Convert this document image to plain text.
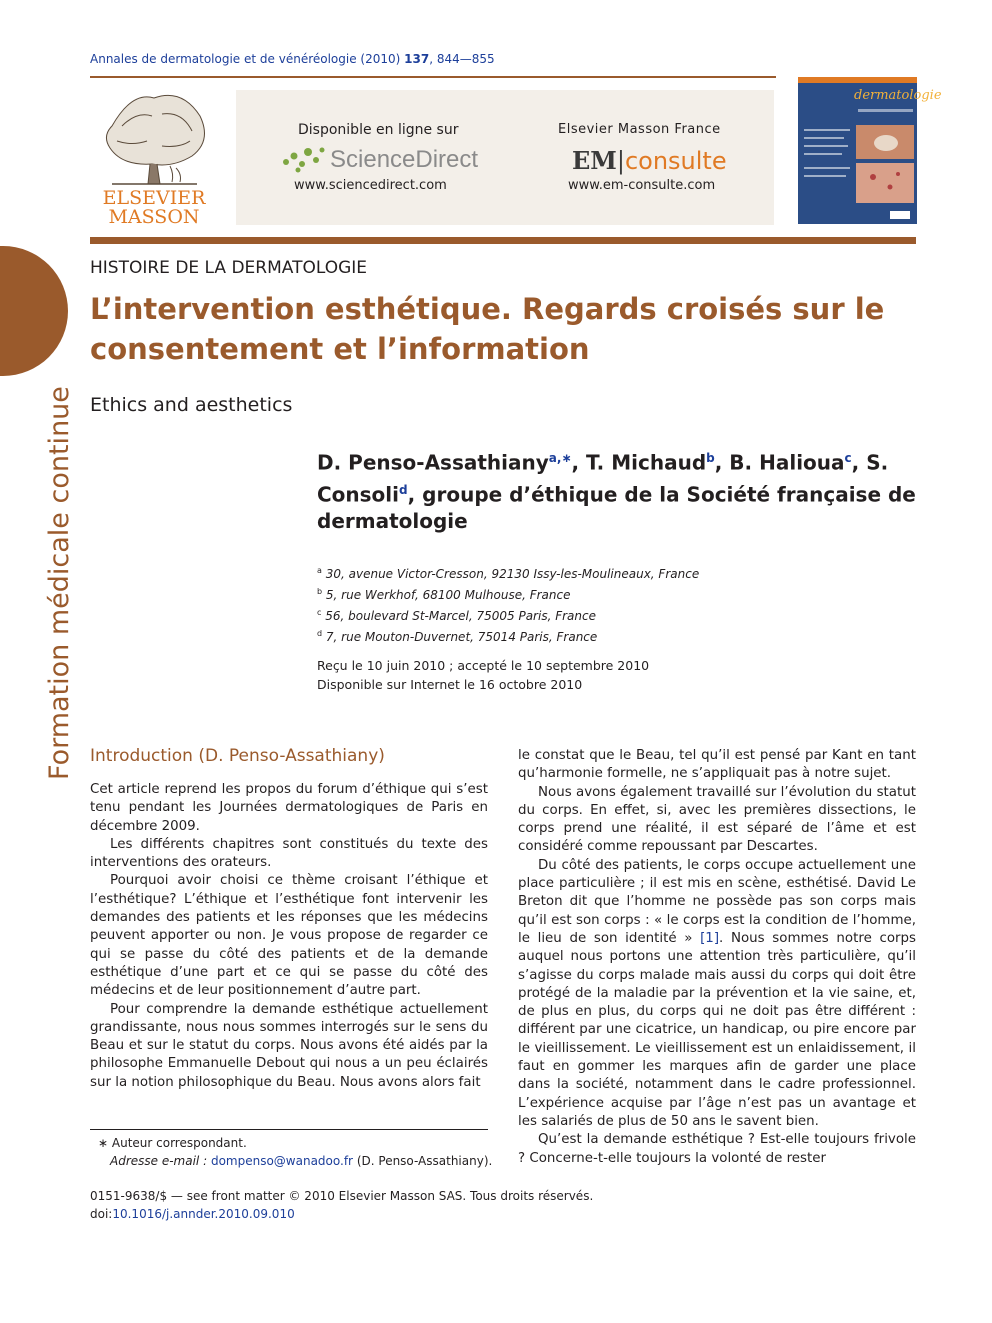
Annales de dermatologie et de vénéréologie (2010) 137, 844—855
ELSEVIER
MASSON
Disponible en ligne sur
ScienceDirect
www.sciencedirect.com
Elsevier Masson France
EM|consulte
www.em-consulte.com
dermatologie
Formation médicale continue
HISTOIRE DE LA DERMATOLOGIE
L’intervention esthétique. Regards croisés sur le consentement et l’information
Ethics and aesthetics
D. Penso-Assathiany$^{a,∗}$, T. Michaud$^b$, B. Halioua$^c$, S. Consoli$^d$, groupe d’éthique de la Société française de dermatologie
$^a$ 30, avenue Victor-Cresson, 92130 Issy-les-Moulineaux, France
$^b$ 5, rue Werkhof, 68100 Mulhouse, France
$^c$ 56, boulevard St-Marcel, 75005 Paris, France
$^d$ 7, rue Mouton-Duvernet, 75014 Paris, France
Reçu le 10 juin 2010 ; accepté le 10 septembre 2010
Disponible sur Internet le 16 octobre 2010
Introduction (D. Penso-Assathiany)

Cet article reprend les propos du forum d’éthique qui s’est tenu pendant les Journées dermatologiques de Paris en décembre 2009.

Les différents chapitres sont constitués du texte des interventions des orateurs.

Pourquoi avoir choisi ce thème croisant l’éthique et l’esthétique? L’éthique et l’esthétique font intervenir les demandes des patients et les réponses que les médecins peuvent apporter ou non. Je vous propose de regarder ce qui se passe du côté des patients et de la demande esthétique d’une part et ce qui se passe du côté des médecins et de leur positionnement d’autre part.

Pour comprendre la demande esthétique actuellement grandissante, nous nous sommes interrogés sur le sens du Beau et sur le statut du corps. Nous avons été aidés par la philosophe Emmanuelle Debout qui nous a un peu éclairés sur la notion philosophique du Beau. Nous avons alors fait

le constat que le Beau, tel qu’il est pensé par Kant en tant qu’harmonie formelle, ne s’appliquait pas à notre sujet.

Nous avons également travaillé sur l’évolution du statut du corps. En effet, si, avec les premières dissections, le corps prend une réalité, il est séparé de l’âme et est considéré comme repoussant par Descartes.

Du côté des patients, le corps occupe actuellement une place particulière ; il est mis en scène, esthétisé. David Le Breton dit que l’homme ne possède pas son corps mais qu’il est son corps : « le corps est la condition de l’homme, le lieu de son identité » [1]. Nous sommes notre corps auquel nous portons une attention très particulière, qu’il s’agisse du corps malade mais aussi du corps qui doit être protégé de la maladie par la prévention et la vie saine, et, de plus en plus, du corps qui ne doit pas être différent : différent par une cicatrice, un handicap, ou pire encore par le vieillissement. Le vieillissement est un enlaidissement, il faut en gommer les marques afin de garder une place dans la société, notamment dans le cadre professionnel. L’expérience acquise par l’âge n’est pas un avantage et les salariés de plus de 50 ans le savent bien.

Qu’est la demande esthétique ? Est-elle toujours frivole ? Concerne-t-elle toujours la volonté de rester

∗ Auteur correspondant.
Adresse e-mail : dompenso@wanadoo.fr (D. Penso-Assathiany).
0151-9638/$ — see front matter © 2010 Elsevier Masson SAS. Tous droits réservés.
doi:10.1016/j.annder.2010.09.010
